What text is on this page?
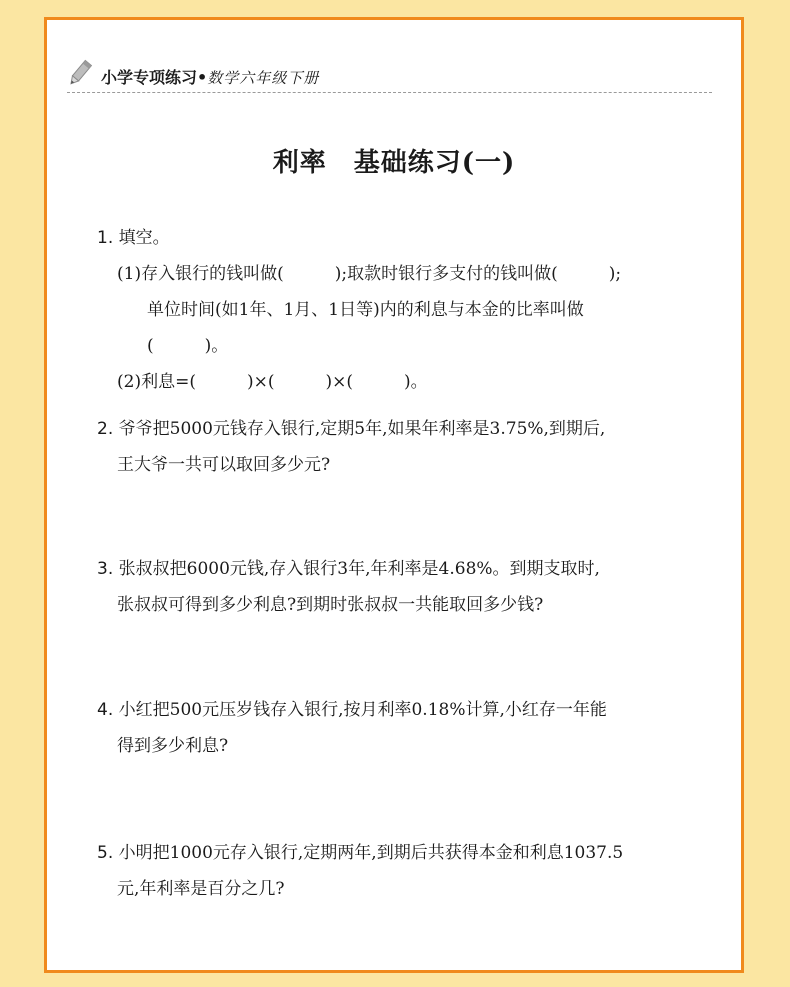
小学专项练习•数学六年级下册
利率　基础练习(一)
1. 填空。
(1)存入银行的钱叫做(　　　);取款时银行多支付的钱叫做(　　　);
单位时间(如1年、1月、1日等)内的利息与本金的比率叫做
(　　　)。
(2)利息=(　　　)×(　　　)×(　　　)。
2. 爷爷把5000元钱存入银行,定期5年,如果年利率是3.75%,到期后,
王大爷一共可以取回多少元?
3. 张叔叔把6000元钱,存入银行3年,年利率是4.68%。到期支取时,
张叔叔可得到多少利息?到期时张叔叔一共能取回多少钱?
4. 小红把500元压岁钱存入银行,按月利率0.18%计算,小红存一年能
得到多少利息?
5. 小明把1000元存入银行,定期两年,到期后共获得本金和利息1037.5
元,年利率是百分之几?
